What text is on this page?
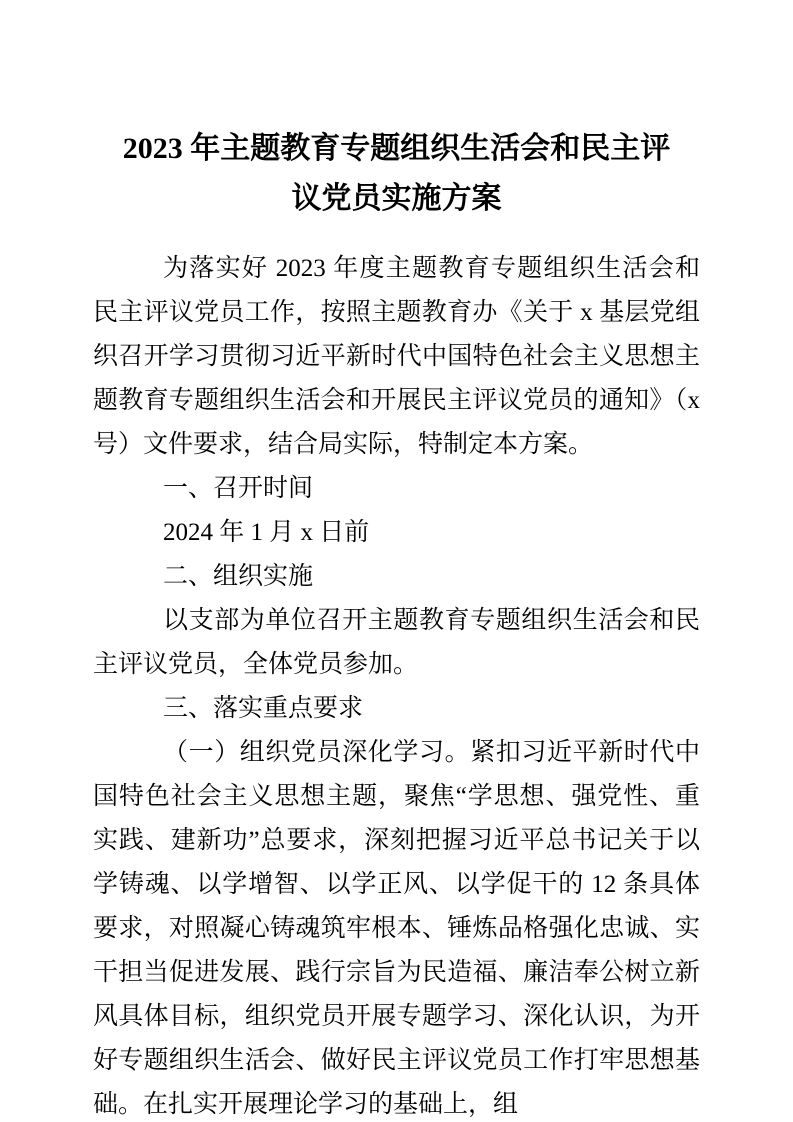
2023 年主题教育专题组织生活会和民主评
议党员实施方案

为落实好 2023 年度主题教育专题组织生活会和民主评议党员工作，按照主题教育办《关于 x 基层党组织召开学习贯彻习近平新时代中国特色社会主义思想主题教育专题组织生活会和开展民主评议党员的通知》（x 号）文件要求，结合局实际，特制定本方案。

一、召开时间

2024 年 1 月 x 日前

二、组织实施

以支部为单位召开主题教育专题组织生活会和民主评议党员，全体党员参加。

三、落实重点要求

（一）组织党员深化学习。紧扣习近平新时代中国特色社会主义思想主题，聚焦“学思想、强党性、重实践、建新功”总要求，深刻把握习近平总书记关于以学铸魂、以学增智、以学正风、以学促干的 12 条具体要求，对照凝心铸魂筑牢根本、锤炼品格强化忠诚、实干担当促进发展、践行宗旨为民造福、廉洁奉公树立新风具体目标，组织党员开展专题学习、深化认识，为开好专题组织生活会、做好民主评议党员工作打牢思想基础。在扎实开展理论学习的基础上，组
